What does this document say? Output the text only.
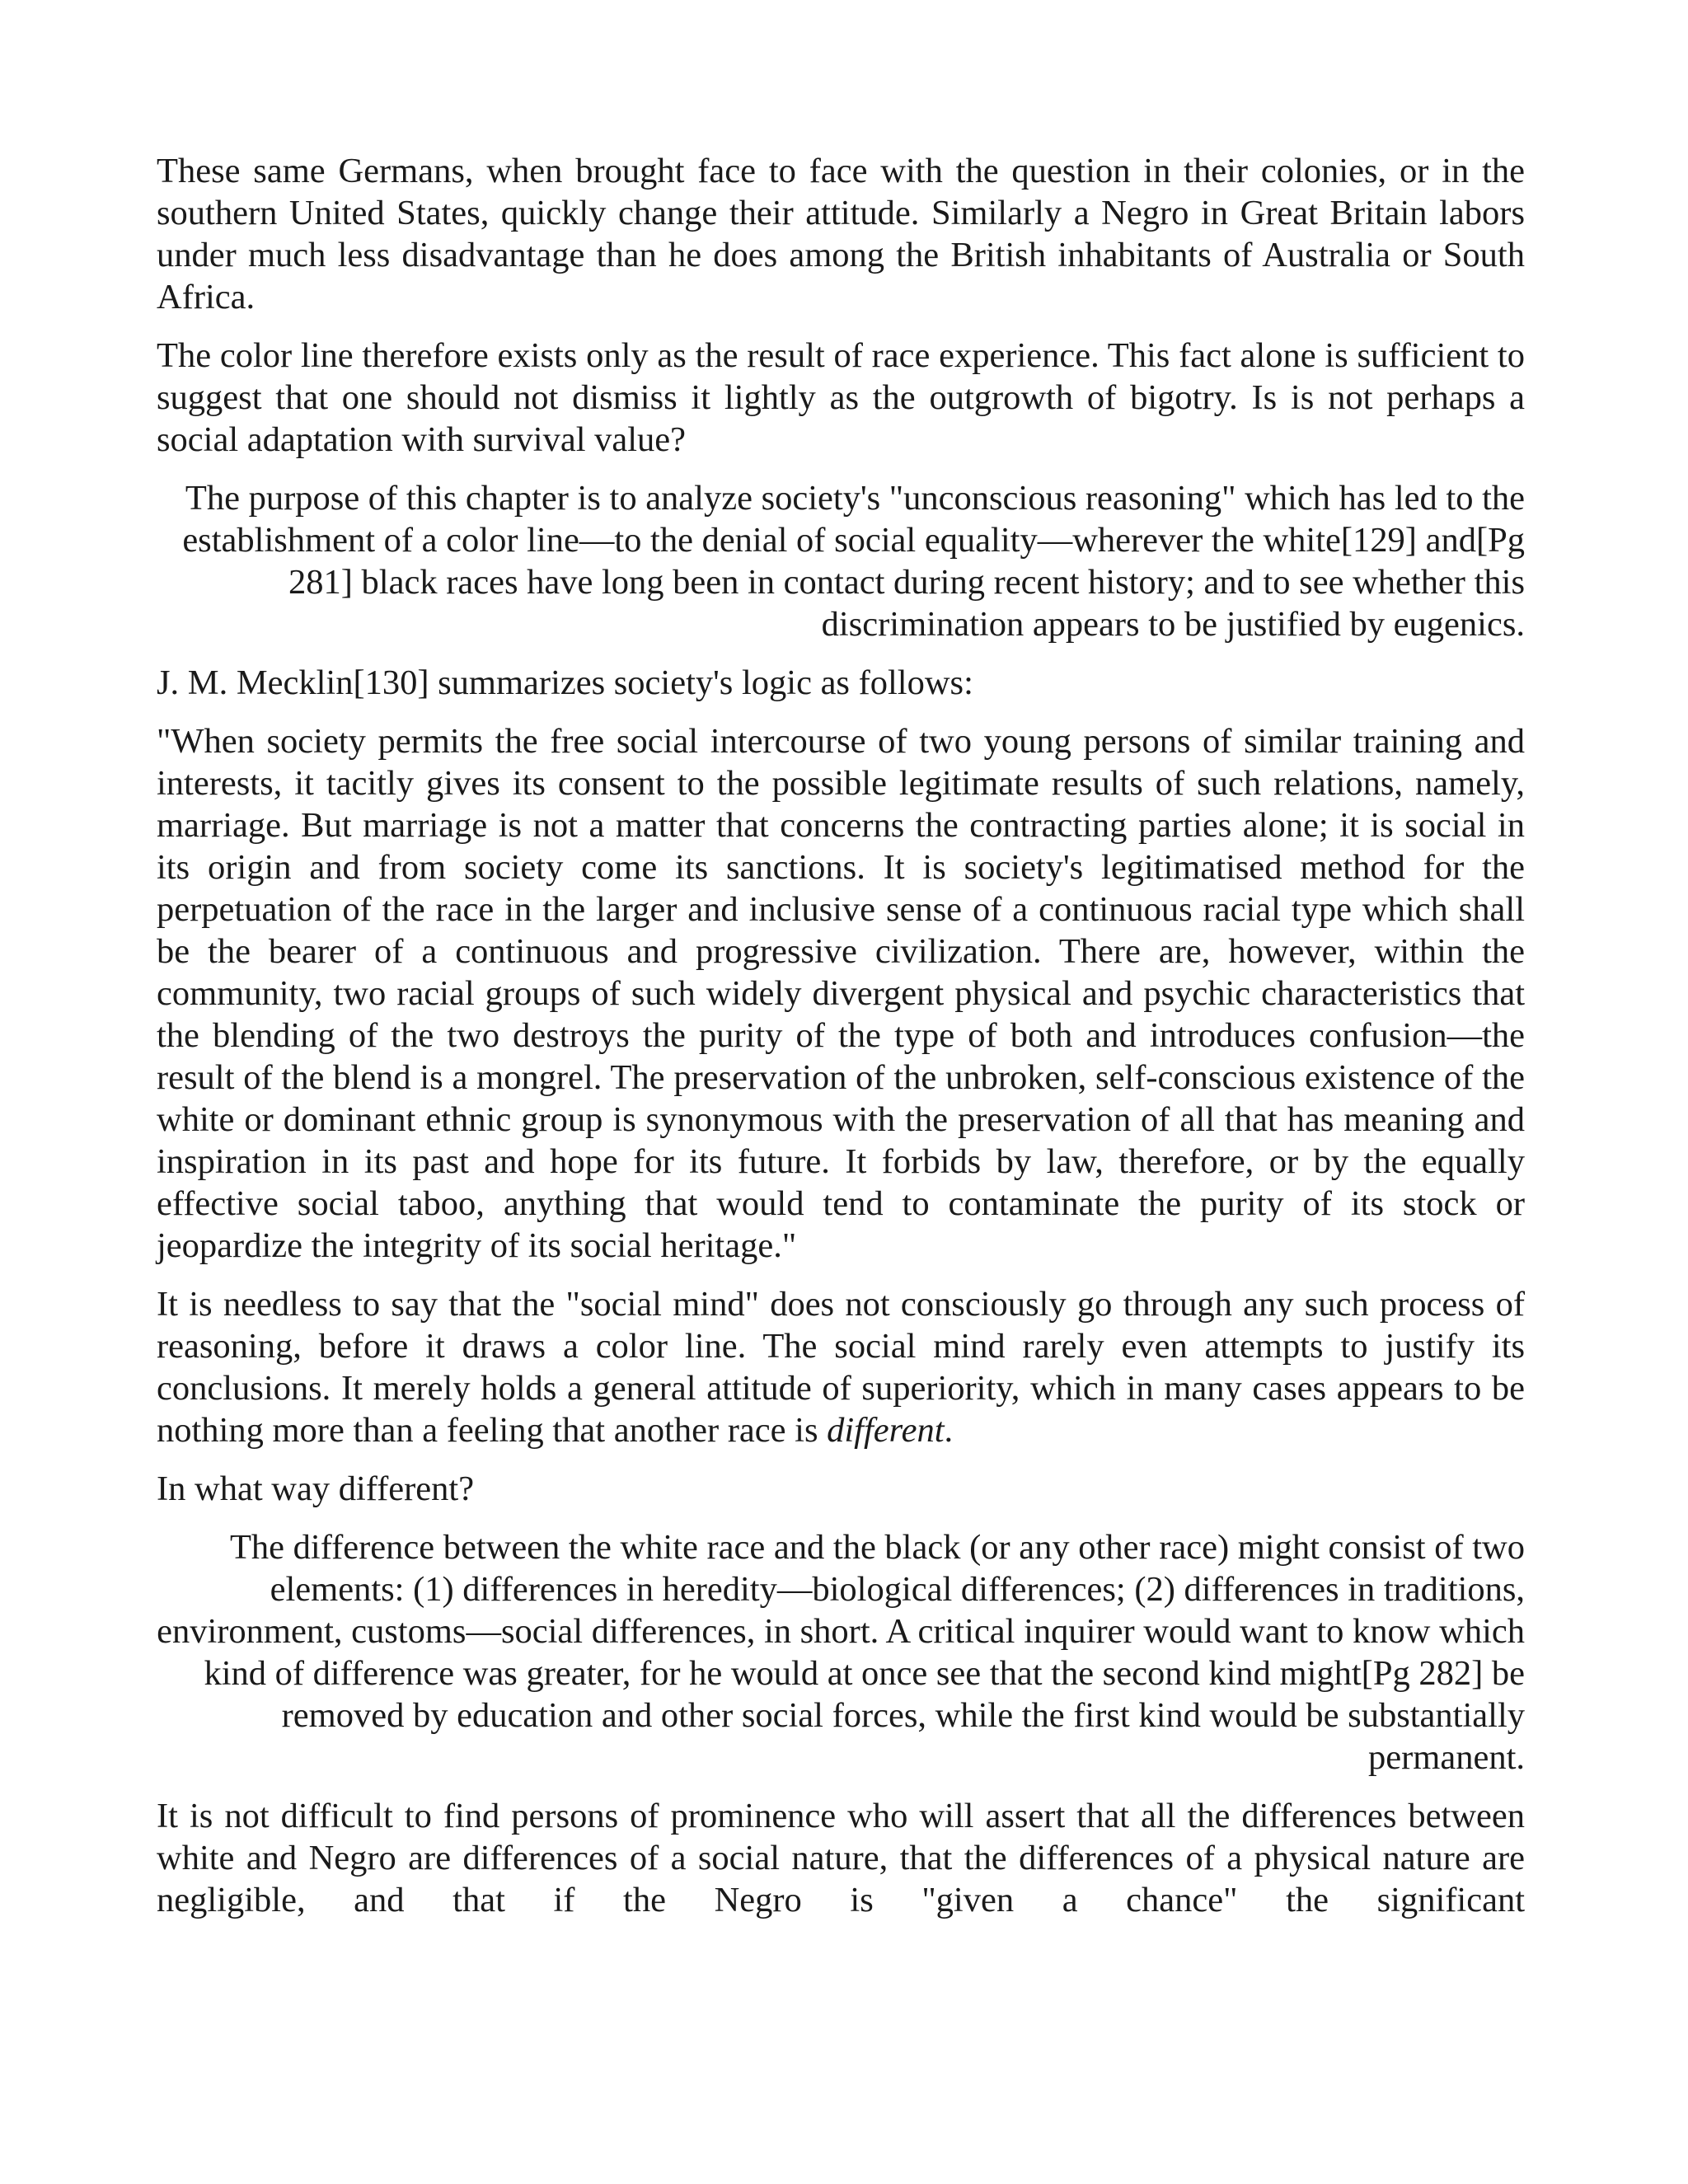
These same Germans, when brought face to face with the question in their colonies, or in the southern United States, quickly change their attitude. Similarly a Negro in Great Britain labors under much less disadvantage than he does among the British inhabitants of Australia or South Africa.

The color line therefore exists only as the result of race experience. This fact alone is sufficient to suggest that one should not dismiss it lightly as the outgrowth of bigotry. Is is not perhaps a social adaptation with survival value?

The purpose of this chapter is to analyze society's "unconscious reasoning" which has led to the establishment of a color line—to the denial of social equality—wherever the white[129] and[Pg 281] black races have long been in contact during recent history; and to see whether this discrimination appears to be justified by eugenics.

J. M. Mecklin[130] summarizes society's logic as follows:

"When society permits the free social intercourse of two young persons of similar training and interests, it tacitly gives its consent to the possible legitimate results of such relations, namely, marriage. But marriage is not a matter that concerns the contracting parties alone; it is social in its origin and from society come its sanctions. It is society's legitimatised method for the perpetuation of the race in the larger and inclusive sense of a continuous racial type which shall be the bearer of a continuous and progressive civilization. There are, however, within the community, two racial groups of such widely divergent physical and psychic characteristics that the blending of the two destroys the purity of the type of both and introduces confusion—the result of the blend is a mongrel. The preservation of the unbroken, self-conscious existence of the white or dominant ethnic group is synonymous with the preservation of all that has meaning and inspiration in its past and hope for its future. It forbids by law, therefore, or by the equally effective social taboo, anything that would tend to contaminate the purity of its stock or jeopardize the integrity of its social heritage."

It is needless to say that the "social mind" does not consciously go through any such process of reasoning, before it draws a color line. The social mind rarely even attempts to justify its conclusions. It merely holds a general attitude of superiority, which in many cases appears to be nothing more than a feeling that another race is different.

In what way different?

The difference between the white race and the black (or any other race) might consist of two elements: (1) differences in heredity—biological differences; (2) differences in traditions, environment, customs—social differences, in short. A critical inquirer would want to know which kind of difference was greater, for he would at once see that the second kind might[Pg 282] be removed by education and other social forces, while the first kind would be substantially permanent.

It is not difficult to find persons of prominence who will assert that all the differences between white and Negro are differences of a social nature, that the differences of a physical nature are negligible, and that if the Negro is "given a chance" the significant
